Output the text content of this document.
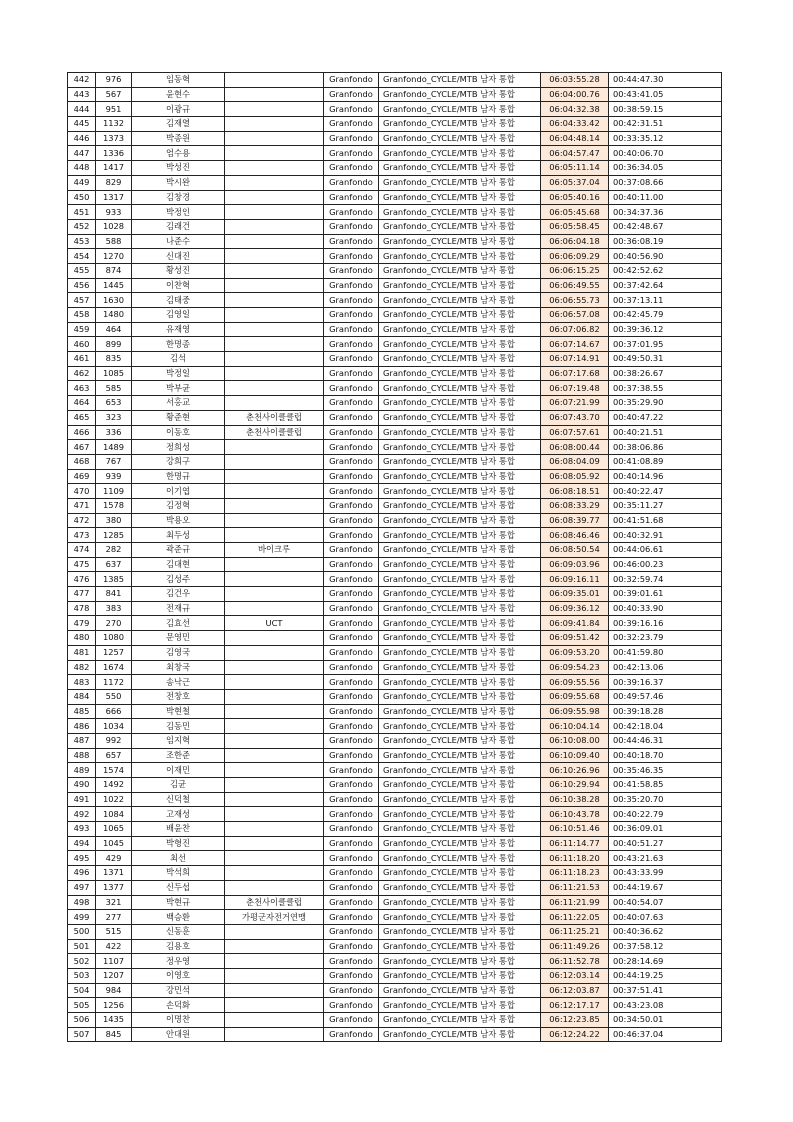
442	976	임동혁		Granfondo	Granfondo_CYCLE/MTB 남자 통합	06:03:55.28	00:44:47.30
443	567	윤현수		Granfondo	Granfondo_CYCLE/MTB 남자 통합	06:04:00.76	00:43:41.05
444	951	이광규		Granfondo	Granfondo_CYCLE/MTB 남자 통합	06:04:32.38	00:38:59.15
445	1132	김재열		Granfondo	Granfondo_CYCLE/MTB 남자 통합	06:04:33.42	00:42:31.51
446	1373	박종원		Granfondo	Granfondo_CYCLE/MTB 남자 통합	06:04:48.14	00:33:35.12
447	1336	엄수용		Granfondo	Granfondo_CYCLE/MTB 남자 통합	06:04:57.47	00:40:06.70
448	1417	박성진		Granfondo	Granfondo_CYCLE/MTB 남자 통합	06:05:11.14	00:36:34.05
449	829	박시완		Granfondo	Granfondo_CYCLE/MTB 남자 통합	06:05:37.04	00:37:08.66
450	1317	김창경		Granfondo	Granfondo_CYCLE/MTB 남자 통합	06:05:40.16	00:40:11.00
451	933	박정인		Granfondo	Granfondo_CYCLE/MTB 남자 통합	06:05:45.68	00:34:37.36
452	1028	김래건		Granfondo	Granfondo_CYCLE/MTB 남자 통합	06:05:58.45	00:42:48.67
453	588	나준수		Granfondo	Granfondo_CYCLE/MTB 남자 통합	06:06:04.18	00:36:08.19
454	1270	신대진		Granfondo	Granfondo_CYCLE/MTB 남자 통합	06:06:09.29	00:40:56.90
455	874	황성진		Granfondo	Granfondo_CYCLE/MTB 남자 통합	06:06:15.25	00:42:52.62
456	1445	이찬혁		Granfondo	Granfondo_CYCLE/MTB 남자 통합	06:06:49.55	00:37:42.64
457	1630	김태중		Granfondo	Granfondo_CYCLE/MTB 남자 통합	06:06:55.73	00:37:13.11
458	1480	김영일		Granfondo	Granfondo_CYCLE/MTB 남자 통합	06:06:57.08	00:42:45.79
459	464	유재영		Granfondo	Granfondo_CYCLE/MTB 남자 통합	06:07:06.82	00:39:36.12
460	899	한명종		Granfondo	Granfondo_CYCLE/MTB 남자 통합	06:07:14.67	00:37:01.95
461	835	김석		Granfondo	Granfondo_CYCLE/MTB 남자 통합	06:07:14.91	00:49:50.31
462	1085	박정일		Granfondo	Granfondo_CYCLE/MTB 남자 통합	06:07:17.68	00:38:26.67
463	585	박부균		Granfondo	Granfondo_CYCLE/MTB 남자 통합	06:07:19.48	00:37:38.55
464	653	서홍교		Granfondo	Granfondo_CYCLE/MTB 남자 통합	06:07:21.99	00:35:29.90
465	323	황준현	춘천사이클클럽	Granfondo	Granfondo_CYCLE/MTB 남자 통합	06:07:43.70	00:40:47.22
466	336	이동호	춘천사이클클럽	Granfondo	Granfondo_CYCLE/MTB 남자 통합	06:07:57.61	00:40:21.51
467	1489	정희성		Granfondo	Granfondo_CYCLE/MTB 남자 통합	06:08:00.44	00:38:06.86
468	767	강희구		Granfondo	Granfondo_CYCLE/MTB 남자 통합	06:08:04.09	00:41:08.89
469	939	한명규		Granfondo	Granfondo_CYCLE/MTB 남자 통합	06:08:05.92	00:40:14.96
470	1109	이기엽		Granfondo	Granfondo_CYCLE/MTB 남자 통합	06:08:18.51	00:40:22.47
471	1578	김정혁		Granfondo	Granfondo_CYCLE/MTB 남자 통합	06:08:33.29	00:35:11.27
472	380	박용오		Granfondo	Granfondo_CYCLE/MTB 남자 통합	06:08:39.77	00:41:51.68
473	1285	최두성		Granfondo	Granfondo_CYCLE/MTB 남자 통합	06:08:46.46	00:40:32.91
474	282	곽준규	바이크루	Granfondo	Granfondo_CYCLE/MTB 남자 통합	06:08:50.54	00:44:06.61
475	637	김대현		Granfondo	Granfondo_CYCLE/MTB 남자 통합	06:09:03.96	00:46:00.23
476	1385	김성주		Granfondo	Granfondo_CYCLE/MTB 남자 통합	06:09:16.11	00:32:59.74
477	841	김건우		Granfondo	Granfondo_CYCLE/MTB 남자 통합	06:09:35.01	00:39:01.61
478	383	전재규		Granfondo	Granfondo_CYCLE/MTB 남자 통합	06:09:36.12	00:40:33.90
479	270	김효선	UCT	Granfondo	Granfondo_CYCLE/MTB 남자 통합	06:09:41.84	00:39:16.16
480	1080	문영민		Granfondo	Granfondo_CYCLE/MTB 남자 통합	06:09:51.42	00:32:23.79
481	1257	김영국		Granfondo	Granfondo_CYCLE/MTB 남자 통합	06:09:53.20	00:41:59.80
482	1674	최창국		Granfondo	Granfondo_CYCLE/MTB 남자 통합	06:09:54.23	00:42:13.06
483	1172	송낙근		Granfondo	Granfondo_CYCLE/MTB 남자 통합	06:09:55.56	00:39:16.37
484	550	전창호		Granfondo	Granfondo_CYCLE/MTB 남자 통합	06:09:55.68	00:49:57.46
485	666	박현철		Granfondo	Granfondo_CYCLE/MTB 남자 통합	06:09:55.98	00:39:18.28
486	1034	김동민		Granfondo	Granfondo_CYCLE/MTB 남자 통합	06:10:04.14	00:42:18.04
487	992	임지혁		Granfondo	Granfondo_CYCLE/MTB 남자 통합	06:10:08.00	00:44:46.31
488	657	조한준		Granfondo	Granfondo_CYCLE/MTB 남자 통합	06:10:09.40	00:40:18.70
489	1574	이재민		Granfondo	Granfondo_CYCLE/MTB 남자 통합	06:10:26.96	00:35:46.35
490	1492	김균		Granfondo	Granfondo_CYCLE/MTB 남자 통합	06:10:29.94	00:41:58.85
491	1022	신덕철		Granfondo	Granfondo_CYCLE/MTB 남자 통합	06:10:38.28	00:35:20.70
492	1084	고재성		Granfondo	Granfondo_CYCLE/MTB 남자 통합	06:10:43.78	00:40:22.79
493	1065	배윤찬		Granfondo	Granfondo_CYCLE/MTB 남자 통합	06:10:51.46	00:36:09.01
494	1045	박형진		Granfondo	Granfondo_CYCLE/MTB 남자 통합	06:11:14.77	00:40:51.27
495	429	최선		Granfondo	Granfondo_CYCLE/MTB 남자 통합	06:11:18.20	00:43:21.63
496	1371	박석희		Granfondo	Granfondo_CYCLE/MTB 남자 통합	06:11:18.23	00:43:33.99
497	1377	신두섭		Granfondo	Granfondo_CYCLE/MTB 남자 통합	06:11:21.53	00:44:19.67
498	321	박현규	춘천사이클클럽	Granfondo	Granfondo_CYCLE/MTB 남자 통합	06:11:21.99	00:40:54.07
499	277	백승환	가평군자전거연맹	Granfondo	Granfondo_CYCLE/MTB 남자 통합	06:11:22.05	00:40:07.63
500	515	신동훈		Granfondo	Granfondo_CYCLE/MTB 남자 통합	06:11:25.21	00:40:36.62
501	422	김용호		Granfondo	Granfondo_CYCLE/MTB 남자 통합	06:11:49.26	00:37:58.12
502	1107	정우영		Granfondo	Granfondo_CYCLE/MTB 남자 통합	06:11:52.78	00:28:14.69
503	1207	이영호		Granfondo	Granfondo_CYCLE/MTB 남자 통합	06:12:03.14	00:44:19.25
504	984	강민석		Granfondo	Granfondo_CYCLE/MTB 남자 통합	06:12:03.87	00:37:51.41
505	1256	손덕화		Granfondo	Granfondo_CYCLE/MTB 남자 통합	06:12:17.17	00:43:23.08
506	1435	이명찬		Granfondo	Granfondo_CYCLE/MTB 남자 통합	06:12:23.85	00:34:50.01
507	845	안대원		Granfondo	Granfondo_CYCLE/MTB 남자 통합	06:12:24.22	00:46:37.04
